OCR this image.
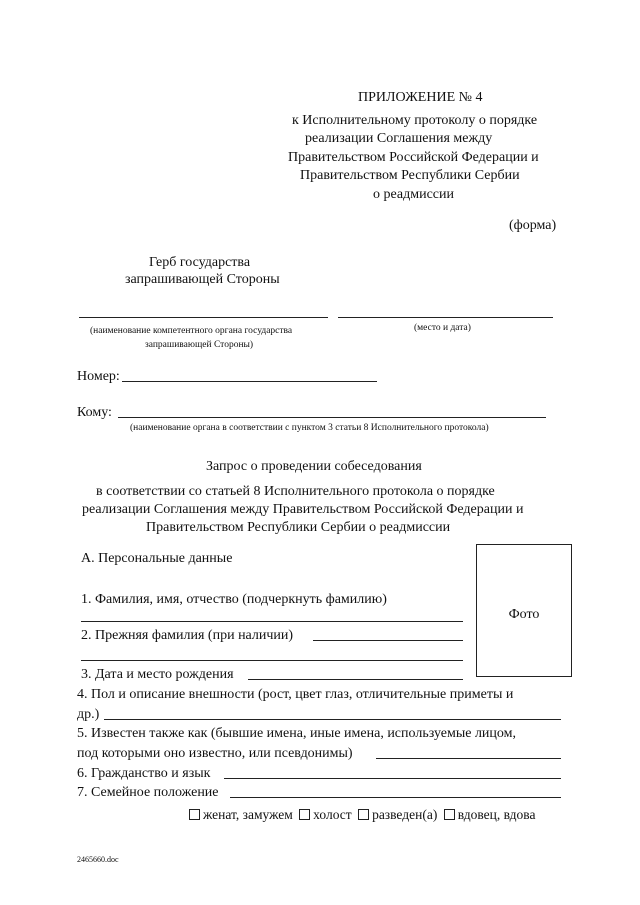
ПРИЛОЖЕНИЕ № 4
к Исполнительному протоколу о порядке
реализации Соглашения между
Правительством Российской Федерации и
Правительством Республики Сербии
о реадмиссии
(форма)
Герб государства
запрашивающей Стороны
(наименование компетентного органа государства
запрашивающей Стороны)
(место и дата)
Номер:
Кому:
(наименование органа в соответствии с пунктом 3 статьи 8 Исполнительного протокола)
Запрос о проведении собеседования
в соответствии со статьей 8 Исполнительного протокола о порядке
реализации Соглашения между Правительством Российской Федерации и
Правительством Республики Сербии о реадмиссии
А. Персональные данные
Фото
1. Фамилия, имя, отчество (подчеркнуть фамилию)
2. Прежняя фамилия (при наличии)
3. Дата и место рождения
4. Пол и описание внешности (рост, цвет глаз, отличительные приметы и
др.)
5. Известен также как (бывшие имена, иные имена, используемые лицом,
под которыми оно известно, или псевдонимы)
6. Гражданство и язык
7. Семейное положение
женат, замужем холост разведен(а) вдовец, вдова
2465660.doc
